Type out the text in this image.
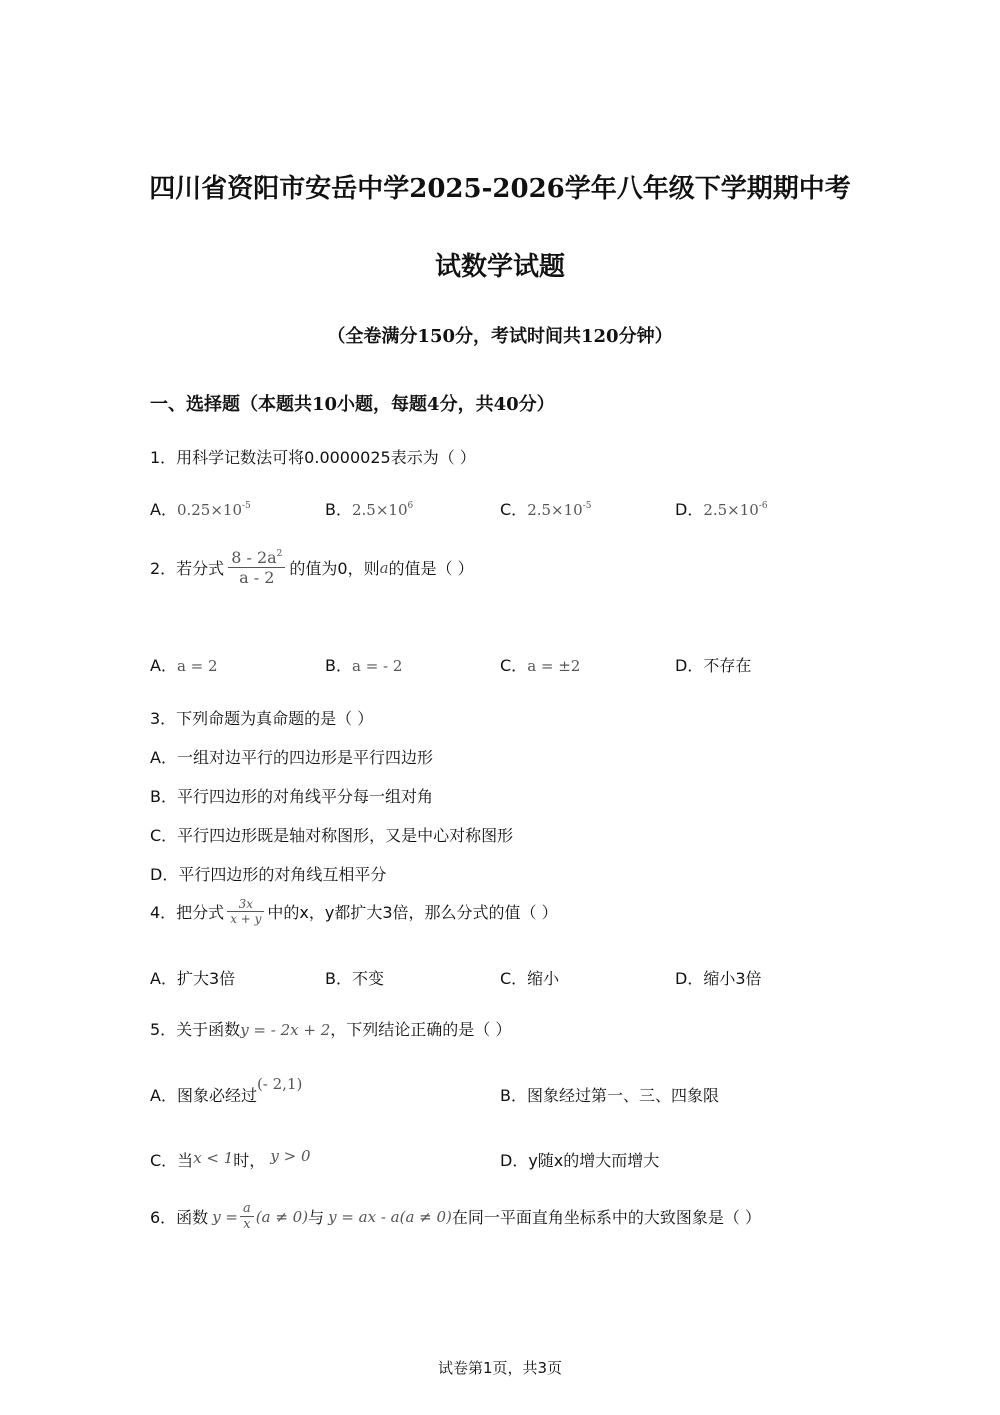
四川省资阳市安岳中学2025-2026学年八年级下学期期中考
试数学试题
（全卷满分150分，考试时间共120分钟）
一、选择题（本题共10小题，每题4分，共40分）
1．用科学记数法可将0.0000025表示为（ ）
A．$0.25\times 10^{-5}$	B．$2.5\times 10^6$	C．$2.5\times 10^{-5}$	D．$2.5\times 10^{-6}$
2．若分式 $\frac{8 - 2a^2}{a - 2}$ 的值为0，则 a 的值是（ ）
A．a = 2	B．a = - 2	C．a = ±2	D．不存在
3．下列命题为真命题的是（ ）
A．一组对边平行的四边形是平行四边形
B．平行四边形的对角线平分每一组对角
C．平行四边形既是轴对称图形，又是中心对称图形
D．平行四边形的对角线互相平分
4．把分式 $\frac{3x}{x + y}$ 中的x，y都扩大3倍，那么分式的值（ ）
A．扩大3倍	B．不变	C．缩小	D．缩小3倍
5．关于函数y = - 2x + 2，下列结论正确的是（ ）
A．图象必经过(- 2,1)
B．图象经过第一、三、四象限
C．当x < 1时， y > 0	D．y随x的增大而增大
6．函数 $y = \frac{a}{x} (a \ne 0)$ 与 y = ax - a (a ≠ 0) 在同一平面直角坐标系中的大致图象是（ ）
试卷第1页，共3页
